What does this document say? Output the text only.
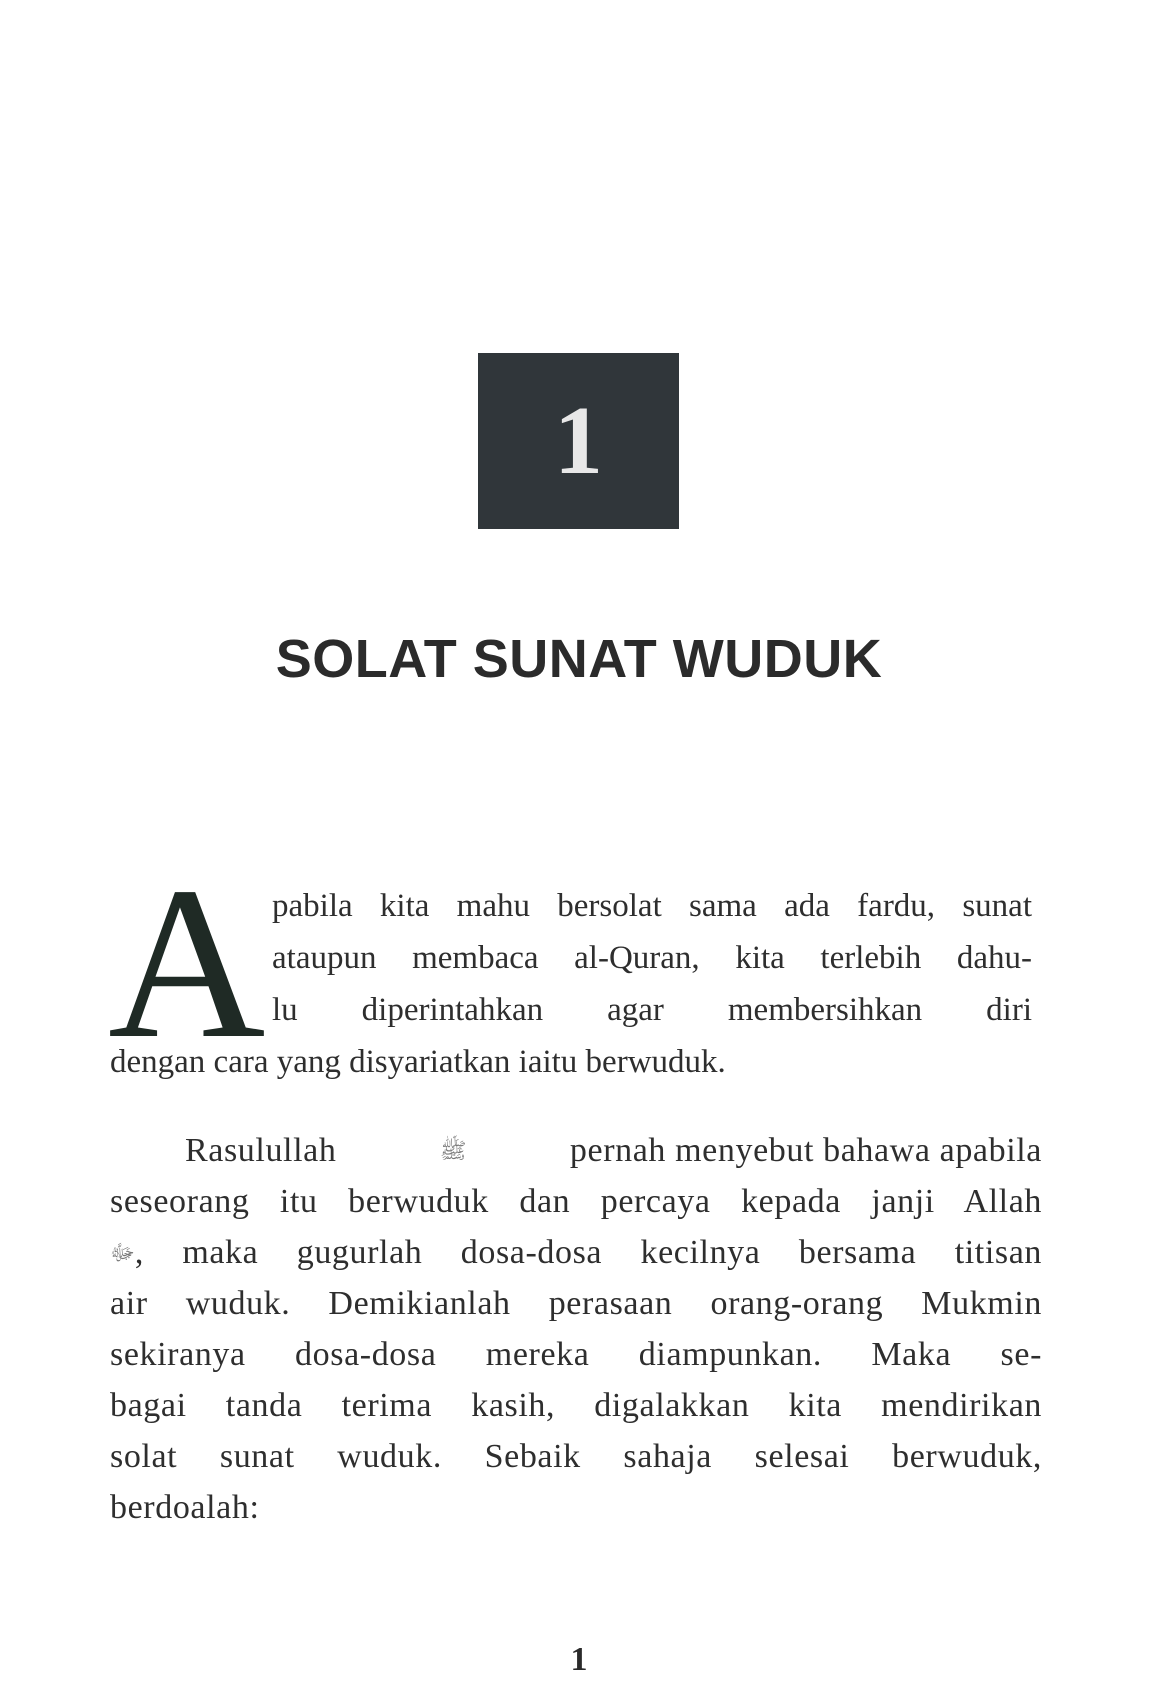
1
SOLAT SUNAT WUDUK
A pabila kita mahu bersolat sama ada fardu, sunat
ataupun membaca al-Quran, kita terlebih dahu-
lu diperintahkan agar membersihkan diri
dengan cara yang disyariatkan iaitu berwuduk.
Rasulullah	ﷺ	pernah menyebut bahawa apabila
seseorang itu berwuduk dan percaya kepada janji Allah
ﷻ , maka gugurlah dosa-dosa kecilnya bersama titisan
air wuduk. Demikianlah perasaan orang-orang Mukmin
sekiranya dosa-dosa mereka diampunkan. Maka se-
bagai tanda terima kasih, digalakkan kita mendirikan
solat sunat wuduk. Sebaik sahaja selesai berwuduk,
berdoalah:
1
